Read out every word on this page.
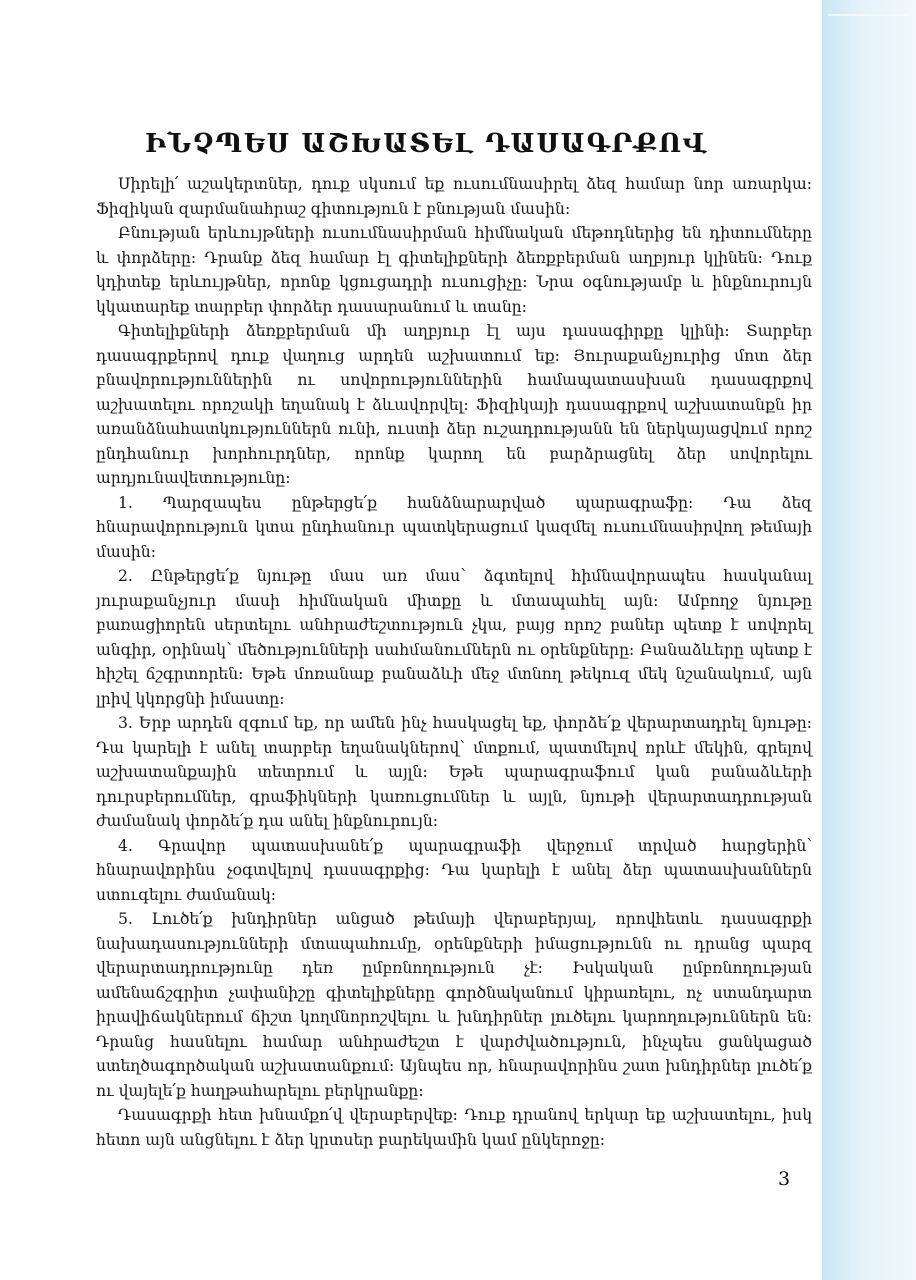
ԻՆՉՊԵՍ ԱՇԽԱՏԵԼ ԴԱՍԱԳՐՔՈՎ

Սիրելի՛ աշակերտներ, դուք սկսում եք ուսումնասիրել ձեզ համար նոր առարկա: Ֆիզիկան զարմանահրաշ գիտություն է բնության մասին:

Բնության երևույթների ուսումնասիրման հիմնական մեթոդներից են դիտումները և փորձերը: Դրանք ձեզ համար էլ գիտելիքների ձեռքբերման աղբյուր կլինեն: Դուք կդիտեք երևույթներ, որոնք կցուցադրի ուսուցիչը: Նրա օգնությամբ և ինքնուրույն կկատարեք տարբեր փորձեր դասարանում և տանը:

Գիտելիքների ձեռքբերման մի աղբյուր էլ այս դասագիրքը կլինի: Տարբեր դասագրքերով դուք վաղուց արդեն աշխատում եք: Յուրաքանչյուրից մոտ ձեր բնավորություններին ու սովորություններին համապատասխան դասագրքով աշխատելու որոշակի եղանակ է ձևավորվել: Ֆիզիկայի դասագրքով աշխատանքն իր առանձնահատկություններն ունի, ուստի ձեր ուշադրությանն են ներկայացվում որոշ ընդհանուր խորհուրդներ, որոնք կարող են բարձրացնել ձեր սովորելու արդյունավետությունը:

1. Պարզապես ընթերցե՛ք հանձնարարված պարագրաֆը: Դա ձեզ հնարավորություն կտա ընդհանուր պատկերացում կազմել ուսումնասիրվող թեմայի մասին:

2. Ընթերցե՛ք նյութը մաս առ մաս՝ ձգտելով հիմնավորապես հասկանալ յուրաքանչյուր մասի հիմնական միտքը և մտապահել այն: Ամբողջ նյութը բառացիորեն սերտելու անհրաժեշտություն չկա, բայց որոշ բաներ պետք է սովորել անգիր, օրինակ՝ մեծությունների սահմանումներն ու օրենքները: Բանաձևերը պետք է հիշել ճշգրտորեն: Եթե մոռանաք բանաձևի մեջ մտնող թեկուզ մեկ նշանակում, այն լրիվ կկորցնի իմաստը:

3. Երբ արդեն զգում եք, որ ամեն ինչ հասկացել եք, փորձե՛ք վերարտադրել նյութը: Դա կարելի է անել տարբեր եղանակներով՝ մտքում, պատմելով որևէ մեկին, գրելով աշխատանքային տետրում և այլն: Եթե պարագրաֆում կան բանաձևերի դուրսբերումներ, գրաֆիկների կառուցումներ և այլն, նյութի վերարտադրության ժամանակ փորձե՛ք դա անել ինքնուրույն:

4. Գրավոր պատասխանե՛ք պարագրաֆի վերջում տրված հարցերին՝ հնարավորինս չօգտվելով դասագրքից: Դա կարելի է անել ձեր պատասխաններն ստուգելու ժամանակ:

5. Լուծե՛ք խնդիրներ անցած թեմայի վերաբերյալ, որովհետև դասագրքի նախադասությունների մտապահումը, օրենքների իմացությունն ու դրանց պարզ վերարտադրությունը դեռ ըմբռնողություն չէ: Իսկական ըմբռնողության ամենաճշգրիտ չափանիշը գիտելիքները գործնականում կիրառելու, ոչ ստանդարտ իրավիճակներում ճիշտ կողմնորոշվելու և խնդիրներ լուծելու կարողություններն են: Դրանց հասնելու համար անհրաժեշտ է վարժվածություն, ինչպես ցանկացած ստեղծագործական աշխատանքում: Այնպես որ, հնարավորինս շատ խնդիրներ լուծե՛ք ու վայելե՛ք հաղթահարելու բերկրանքը:

Դասագրքի հետ խնամքո՛վ վերաբերվեք: Դուք դրանով երկար եք աշխատելու, իսկ հետո այն անցնելու է ձեր կրտսեր բարեկամին կամ ընկերոջը:

3
